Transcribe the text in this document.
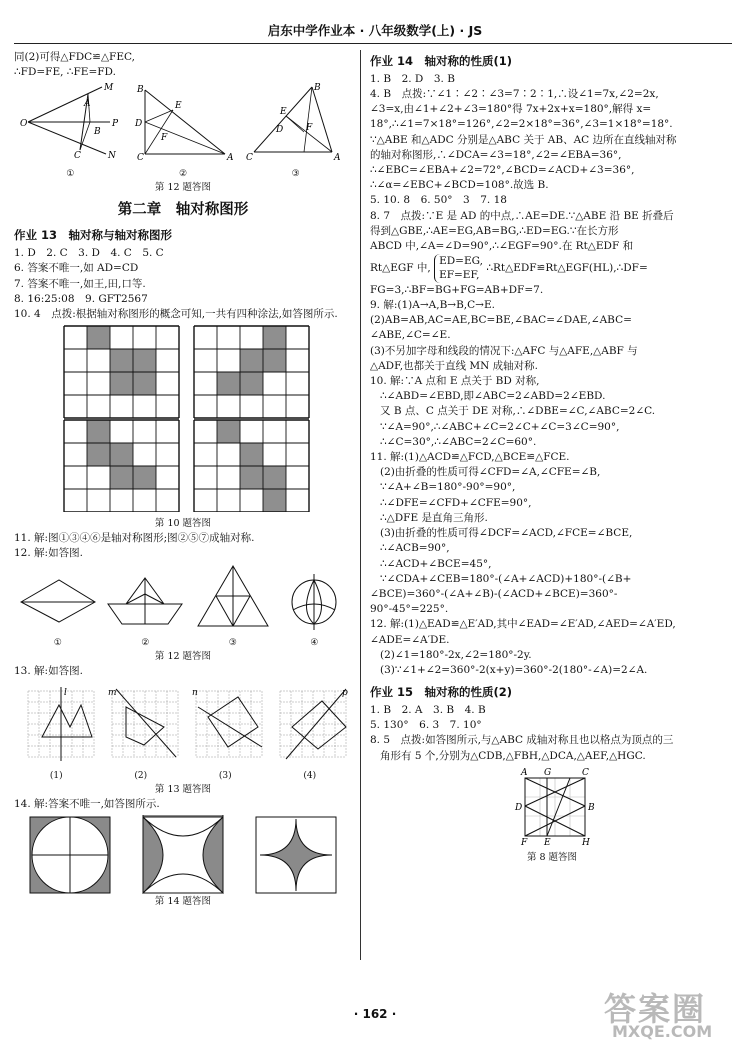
启东中学作业本 · 八年级数学(上) · JS

同(2)可得△FDC≌△FEC,

∴FD=FE, ∴FE=FD.

M
A
O	P
B
C	N
①
B
E
D
F
C	A
②
B
E
D	F
C	A
③
第 12 题答图
第二章　轴对称图形
作业 13　轴对称与轴对称图形

1. D　2. C　3. D　4. C　5. C

6. 答案不唯一,如 AD=CD

7. 答案不唯一,如王,田,口等.

8. 16:25:08　9. GFT2567

10. 4　点拨:根据轴对称图形的概念可知,一共有四种涂法,如答图所示.

第 10 题答图

11. 解:图①③④⑥是轴对称图形;图②⑤⑦成轴对称.

12. 解:如答图.

①	②	③	④
第 12 题答图

13. 解:如答图.

l	m	n	p
(1)	(2)	(3)	(4)
第 13 题答图

14. 解:答案不唯一,如答图所示.

第 14 题答图
作业 14　轴对称的性质(1)

1. B　2. D　3. B

4. B　点拨:∵∠1∶∠2∶∠3=7∶2∶1,∴设∠1=7x,∠2=2x,

∠3=x,由∠1+∠2+∠3=180°得 7x+2x+x=180°,解得 x=

18°,∴∠1=7×18°=126°,∠2=2×18°=36°,∠3=1×18°=18°.

∵△ABE 和△ADC 分别是△ABC 关于 AB、AC 边所在直线轴对称

的轴对称图形,∴∠DCA=∠3=18°,∠2=∠EBA=36°,

∴∠EBC=∠EBA+∠2=72°,∠BCD=∠ACD+∠3=36°,

∴∠α=∠EBC+∠BCD=108°.故选 B.

5. 10. 8　6. 50°　3　7. 18

8. 7　点拨:∵E 是 AD 的中点,∴AE=DE.∵△ABE 沿 BE 折叠后

得到△GBE,∴AE=EG,AB=BG,∴ED=EG.∵在长方形

ABCD 中,∠A=∠D=90°,∴∠EGF=90°.在 Rt△EDF 和

Rt△EGF 中, ED=EG,
EF=EF, ∴Rt△EDF≌Rt△EGF(HL),∴DF=

FG=3,∴BF=BG+FG=AB+DF=7.

9. 解:(1)A→A,B→B,C→E.

(2)AB=AB,AC=AE,BC=BE,∠BAC=∠DAE,∠ABC=

∠ABE,∠C=∠E.

(3)不另加字母和线段的情况下:△AFC 与△AFE,△ABF 与

△ADF,也都关于直线 MN 成轴对称.

10. 解:∵A 点和 E 点关于 BD 对称,

∴∠ABD=∠EBD,即∠ABC=2∠ABD=2∠EBD.

又 B 点、C 点关于 DE 对称,∴∠DBE=∠C,∠ABC=2∠C.

∵∠A=90°,∴∠ABC+∠C=2∠C+∠C=3∠C=90°,

∴∠C=30°,∴∠ABC=2∠C=60°.

11. 解:(1)△ACD≌△FCD,△BCE≌△FCE.

(2)由折叠的性质可得∠CFD=∠A,∠CFE=∠B,

∵∠A+∠B=180°-90°=90°,

∴∠DFE=∠CFD+∠CFE=90°,

∴△DFE 是直角三角形.

(3)由折叠的性质可得∠DCF=∠ACD,∠FCE=∠BCE,

∴∠ACB=90°,

∴∠ACD+∠BCE=45°,

∵∠CDA+∠CEB=180°-(∠A+∠ACD)+180°-(∠B+

∠BCE)=360°-(∠A+∠B)-(∠ACD+∠BCE)=360°-

90°-45°=225°.

12. 解:(1)△EAD≌△E′AD,其中∠EAD=∠E′AD,∠AED=∠A′ED,

∠ADE=∠A′DE.

(2)∠1=180°-2x,∠2=180°-2y.

(3)∵∠1+∠2=360°-2(x+y)=360°-2(180°-∠A)=2∠A.

作业 15　轴对称的性质(2)

1. B　2. A　3. B　4. B

5. 130°　6. 3　7. 10°

8. 5　点拨:如答图所示,与△ABC 成轴对称且也以格点为顶点的三

角形有 5 个,分别为△CDB,△FBH,△DCA,△AEF,△HGC.

A G	C
D	B
F E	H
第 8 题答图
· 162 ·	答案圈
MXQE.COM
